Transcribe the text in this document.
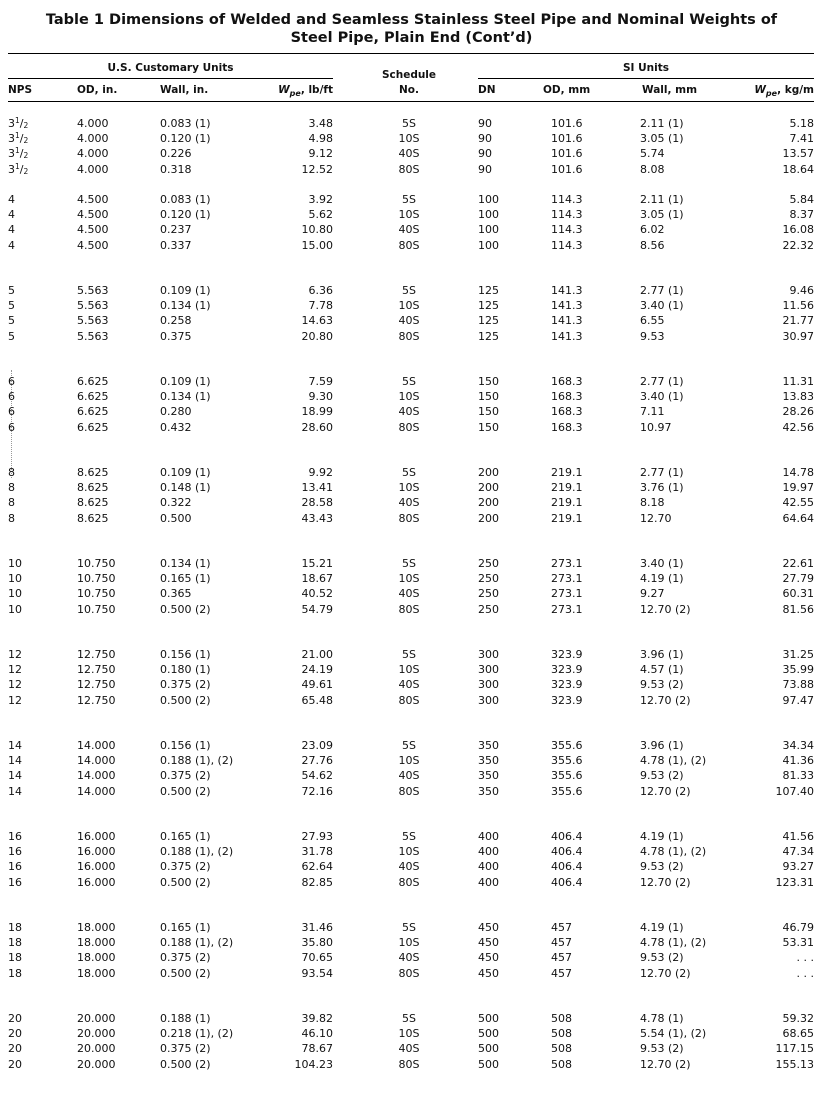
Table 1 Dimensions of Welded and Seamless Stainless Steel Pipe and Nominal Weights of
Steel Pipe, Plain End (Cont’d)
U.S. Customary Units
Schedule
SI Units
NPS	OD, in.	Wall, in.	$W_{pe}$, lb/ft	No.	DN	OD, mm	Wall, mm	$W_{pe}$, kg/m
$3^1/2$	4.000	0.083 (1)	3.48	5S	90	101.6	2.11 (1)	5.18
$3^1/2$	4.000	0.120 (1)	4.98	10S	90	101.6	3.05 (1)	7.41
$3^1/2$	4.000	0.226	9.12	40S	90	101.6	5.74	13.57
$3^1/2$	4.000	0.318	12.52	80S	90	101.6	8.08	18.64
4	4.500	0.083 (1)	3.92	5S	100	114.3	2.11 (1)	5.84
4	4.500	0.120 (1)	5.62	10S	100	114.3	3.05 (1)	8.37
4	4.500	0.237	10.80	40S	100	114.3	6.02	16.08
4	4.500	0.337	15.00	80S	100	114.3	8.56	22.32
5	5.563	0.109 (1)	6.36	5S	125	141.3	2.77 (1)	9.46
5	5.563	0.134 (1)	7.78	10S	125	141.3	3.40 (1)	11.56
5	5.563	0.258	14.63	40S	125	141.3	6.55	21.77
5	5.563	0.375	20.80	80S	125	141.3	9.53	30.97
6	6.625	0.109 (1)	7.59	5S	150	168.3	2.77 (1)	11.31
6	6.625	0.134 (1)	9.30	10S	150	168.3	3.40 (1)	13.83
6	6.625	0.280	18.99	40S	150	168.3	7.11	28.26
6	6.625	0.432	28.60	80S	150	168.3	10.97	42.56
8	8.625	0.109 (1)	9.92	5S	200	219.1	2.77 (1)	14.78
8	8.625	0.148 (1)	13.41	10S	200	219.1	3.76 (1)	19.97
8	8.625	0.322	28.58	40S	200	219.1	8.18	42.55
8	8.625	0.500	43.43	80S	200	219.1	12.70	64.64
10	10.750	0.134 (1)	15.21	5S	250	273.1	3.40 (1)	22.61
10	10.750	0.165 (1)	18.67	10S	250	273.1	4.19 (1)	27.79
10	10.750	0.365	40.52	40S	250	273.1	9.27	60.31
10	10.750	0.500 (2)	54.79	80S	250	273.1	12.70 (2)	81.56
12	12.750	0.156 (1)	21.00	5S	300	323.9	3.96 (1)	31.25
12	12.750	0.180 (1)	24.19	10S	300	323.9	4.57 (1)	35.99
12	12.750	0.375 (2)	49.61	40S	300	323.9	9.53 (2)	73.88
12	12.750	0.500 (2)	65.48	80S	300	323.9	12.70 (2)	97.47
14	14.000	0.156 (1)	23.09	5S	350	355.6	3.96 (1)	34.34
14	14.000	0.188 (1), (2)	27.76	10S	350	355.6	4.78 (1), (2)	41.36
14	14.000	0.375 (2)	54.62	40S	350	355.6	9.53 (2)	81.33
14	14.000	0.500 (2)	72.16	80S	350	355.6	12.70 (2)	107.40
16	16.000	0.165 (1)	27.93	5S	400	406.4	4.19 (1)	41.56
16	16.000	0.188 (1), (2)	31.78	10S	400	406.4	4.78 (1), (2)	47.34
16	16.000	0.375 (2)	62.64	40S	400	406.4	9.53 (2)	93.27
16	16.000	0.500 (2)	82.85	80S	400	406.4	12.70 (2)	123.31
18	18.000	0.165 (1)	31.46	5S	450	457	4.19 (1)	46.79
18	18.000	0.188 (1), (2)	35.80	10S	450	457	4.78 (1), (2)	53.31
18	18.000	0.375 (2)	70.65	40S	450	457	9.53 (2)	. . .
18	18.000	0.500 (2)	93.54	80S	450	457	12.70 (2)	. . .
20	20.000	0.188 (1)	39.82	5S	500	508	4.78 (1)	59.32
20	20.000	0.218 (1), (2)	46.10	10S	500	508	5.54 (1), (2)	68.65
20	20.000	0.375 (2)	78.67	40S	500	508	9.53 (2)	117.15
20	20.000	0.500 (2)	104.23	80S	500	508	12.70 (2)	155.13
